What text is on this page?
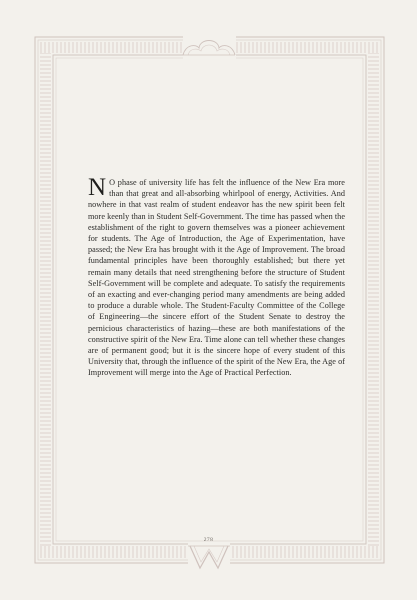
N O phase of university life has felt the influence of the New Era more than that great and all-absorbing whirlpool of energy, Activities. And nowhere in that vast realm of student endeavor has the new spirit been felt more keenly than in Student Self-Government. The time has passed when the establishment of the right to govern themselves was a pioneer achievement for students. The Age of Introduction, the Age of Experimentation, have passed; the New Era has brought with it the Age of Improvement. The broad fundamental principles have been thoroughly established; but there yet remain many details that need strengthening before the structure of Student Self-Government will be complete and adequate. To satisfy the requirements of an exacting and ever-changing period many amendments are being added to produce a durable whole. The Student-Faculty Committee of the College of Engineering—the sincere effort of the Student Senate to destroy the pernicious characteristics of hazing—these are both manifestations of the constructive spirit of the New Era. Time alone can tell whether these changes are of permanent good; but it is the sincere hope of every student of this University that, through the influence of the spirit of the New Era, the Age of Improvement will merge into the Age of Practical Perfection.
278
